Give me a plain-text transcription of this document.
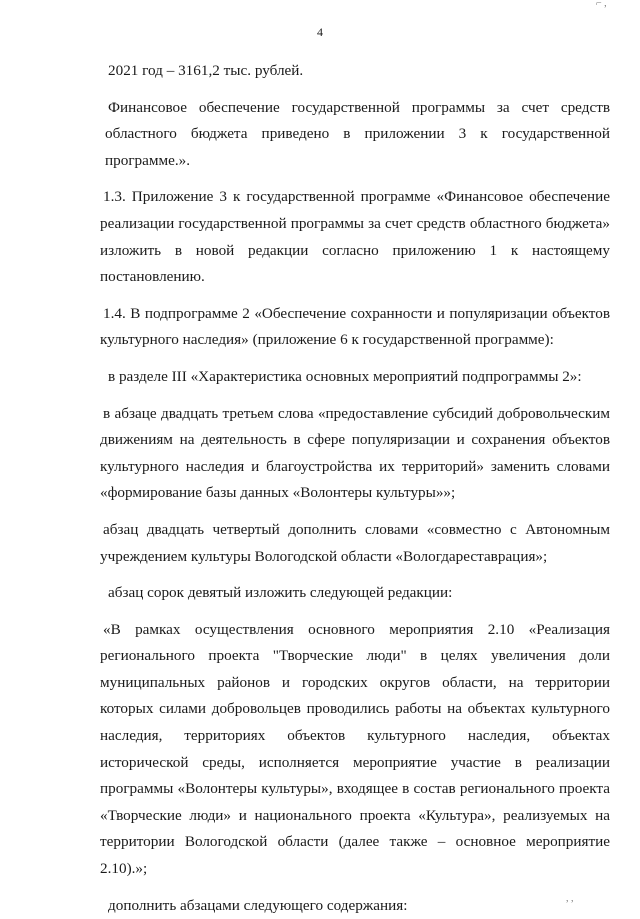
4
⌐ ,
, ,

2021 год – 3161,2 тыс. рублей.

Финансовое обеспечение государственной программы за счет средств областного бюджета приведено в приложении 3 к государственной программе.».

1.3. Приложение 3 к государственной программе «Финансовое обеспечение реализации государственной программы за счет средств областного бюджета» изложить в новой редакции согласно приложению 1 к настоящему постановлению.

1.4. В подпрограмме 2 «Обеспечение сохранности и популяризации объектов культурного наследия» (приложение 6 к государственной программе):

в разделе III «Характеристика основных мероприятий подпрограммы 2»:

в абзаце двадцать третьем слова «предоставление субсидий добровольческим движениям на деятельность в сфере популяризации и сохранения объектов культурного наследия и благоустройства их территорий» заменить словами «формирование базы данных «Волонтеры культуры»»;

абзац двадцать четвертый дополнить словами «совместно с Автономным учреждением культуры Вологодской области «Вологдареставрация»;

абзац сорок девятый изложить следующей редакции:

«В рамках осуществления основного мероприятия 2.10 «Реализация регионального проекта "Творческие люди" в целях увеличения доли муниципальных районов и городских округов области, на территории которых силами добровольцев проводились работы на объектах культурного наследия, территориях объектов культурного наследия, объектах исторической среды, исполняется мероприятие участие в реализации программы «Волонтеры культуры», входящее в состав регионального проекта «Творческие люди» и национального проекта «Культура», реализуемых на территории Вологодской области (далее также – основное мероприятие 2.10).»;

дополнить абзацами следующего содержания:
